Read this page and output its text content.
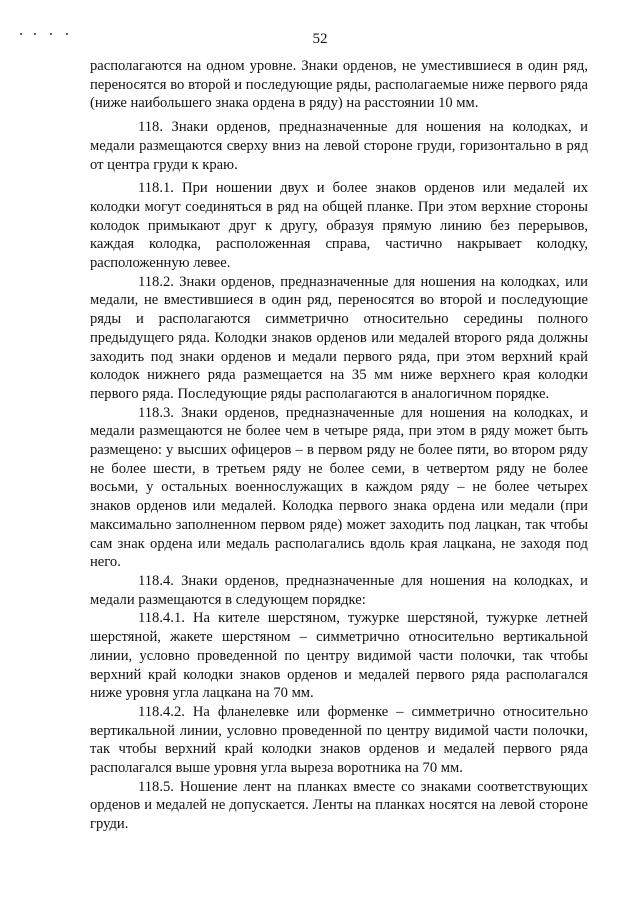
52

располагаются на одном уровне. Знаки орденов, не уместившиеся в один ряд, переносятся во второй и последующие ряды, располагаемые ниже первого ряда (ниже наибольшего знака ордена в ряду) на расстоянии 10 мм.

118. Знаки орденов, предназначенные для ношения на колодках, и медали размещаются сверху вниз на левой стороне груди, горизонтально в ряд от центра груди к краю.

118.1. При ношении двух и более знаков орденов или медалей их колодки могут соединяться в ряд на общей планке. При этом верхние стороны колодок примыкают друг к другу, образуя прямую линию без перерывов, каждая колодка, расположенная справа, частично накрывает колодку, расположенную левее.

118.2. Знаки орденов, предназначенные для ношения на колодках, или медали, не вместившиеся в один ряд, переносятся во второй и последующие ряды и располагаются симметрично относительно середины полного предыдущего ряда. Колодки знаков орденов или медалей второго ряда должны заходить под знаки орденов и медали первого ряда, при этом верхний край колодок нижнего ряда размещается на 35 мм ниже верхнего края колодки первого ряда. Последующие ряды располагаются в аналогичном порядке.

118.3. Знаки орденов, предназначенные для ношения на колодках, и медали размещаются не более чем в четыре ряда, при этом в ряду может быть размещено: у высших офицеров – в первом ряду не более пяти, во втором ряду не более шести, в третьем ряду не более семи, в четвертом ряду не более восьми, у остальных военнослужащих в каждом ряду – не более четырех знаков орденов или медалей. Колодка первого знака ордена или медали (при максимально заполненном первом ряде) может заходить под лацкан, так чтобы сам знак ордена или медаль располагались вдоль края лацкана, не заходя под него.

118.4. Знаки орденов, предназначенные для ношения на колодках, и медали размещаются в следующем порядке:

118.4.1. На кителе шерстяном, тужурке шерстяной, тужурке летней шерстяной, жакете шерстяном – симметрично относительно вертикальной линии, условно проведенной по центру видимой части полочки, так чтобы верхний край колодки знаков орденов и медалей первого ряда располагался ниже уровня угла лацкана на 70 мм.

118.4.2. На фланелевке или форменке – симметрично относительно вертикальной линии, условно проведенной по центру видимой части полочки, так чтобы верхний край колодки знаков орденов и медалей первого ряда располагался выше уровня угла выреза воротника на 70 мм.

118.5. Ношение лент на планках вместе со знаками соответствующих орденов и медалей не допускается. Ленты на планках носятся на левой стороне груди.
